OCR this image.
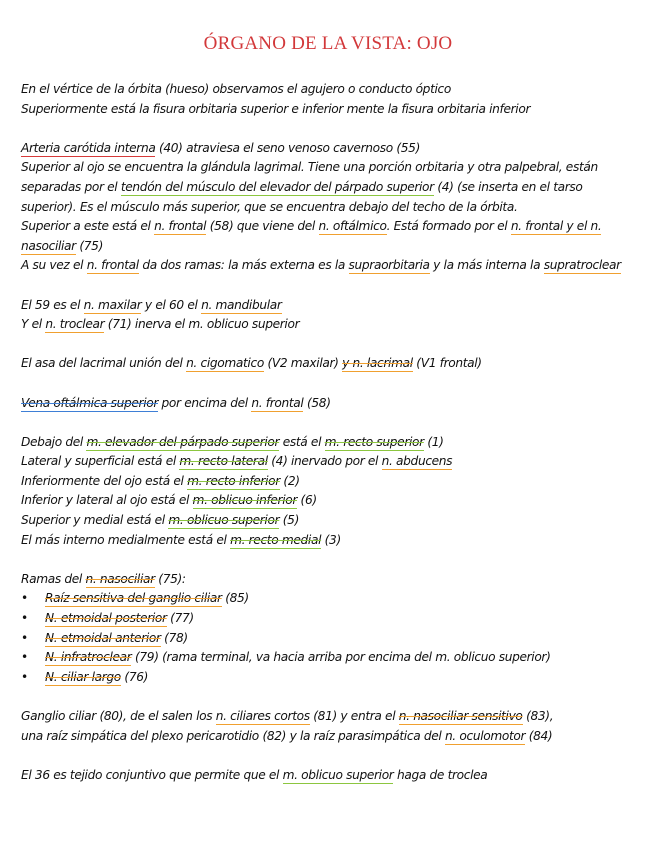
ÓRGANO DE LA VISTA: OJO

En el vértice de la órbita (hueso) observamos el agujero o conducto óptico

Superiormente está la fisura orbitaria superior e inferior mente la fisura orbitaria inferior

Arteria carótida interna (40) atraviesa el seno venoso cavernoso (55)

Superior al ojo se encuentra la glándula lagrimal. Tiene una porción orbitaria y otra palpebral, están separadas por el tendón del músculo del elevador del párpado superior (4) (se inserta en el tarso superior). Es el músculo más superior, que se encuentra debajo del techo de la órbita.

Superior a este está el n. frontal (58) que viene del n. oftálmico. Está formado por el n. frontal y el n. nasociliar (75)

A su vez el n. frontal da dos ramas: la más externa es la supraorbitaria y la más interna la supratroclear

El 59 es el n. maxilar y el 60 el n. mandibular

Y el n. troclear (71) inerva el m. oblicuo superior

El asa del lacrimal unión del n. cigomatico (V2 maxilar) y n. lacrimal (V1 frontal)

Vena oftálmica superior por encima del n. frontal (58)

Debajo del m. elevador del párpado superior está el m. recto superior (1)

Lateral y superficial está el m. recto lateral (4) inervado por el n. abducens

Inferiormente del ojo está el m. recto inferior (2)

Inferior y lateral al ojo está el m. oblicuo inferior (6)

Superior y medial está el m. oblicuo superior (5)

El más interno medialmente está el m. recto medial (3)

Ramas del n. nasociliar (75):

• Raíz sensitiva del ganglio ciliar (85)
• N. etmoidal posterior (77)
• N. etmoidal anterior (78)
• N. infratroclear (79) (rama terminal, va hacia arriba por encima del m. oblicuo superior)
• N. ciliar largo (76)

Ganglio ciliar (80), de el salen los n. ciliares cortos (81) y entra el n. nasociliar sensitivo (83),

una raíz simpática del plexo pericarotidio (82) y la raíz parasimpática del n. oculomotor (84)

El 36 es tejido conjuntivo que permite que el m. oblicuo superior haga de troclea
